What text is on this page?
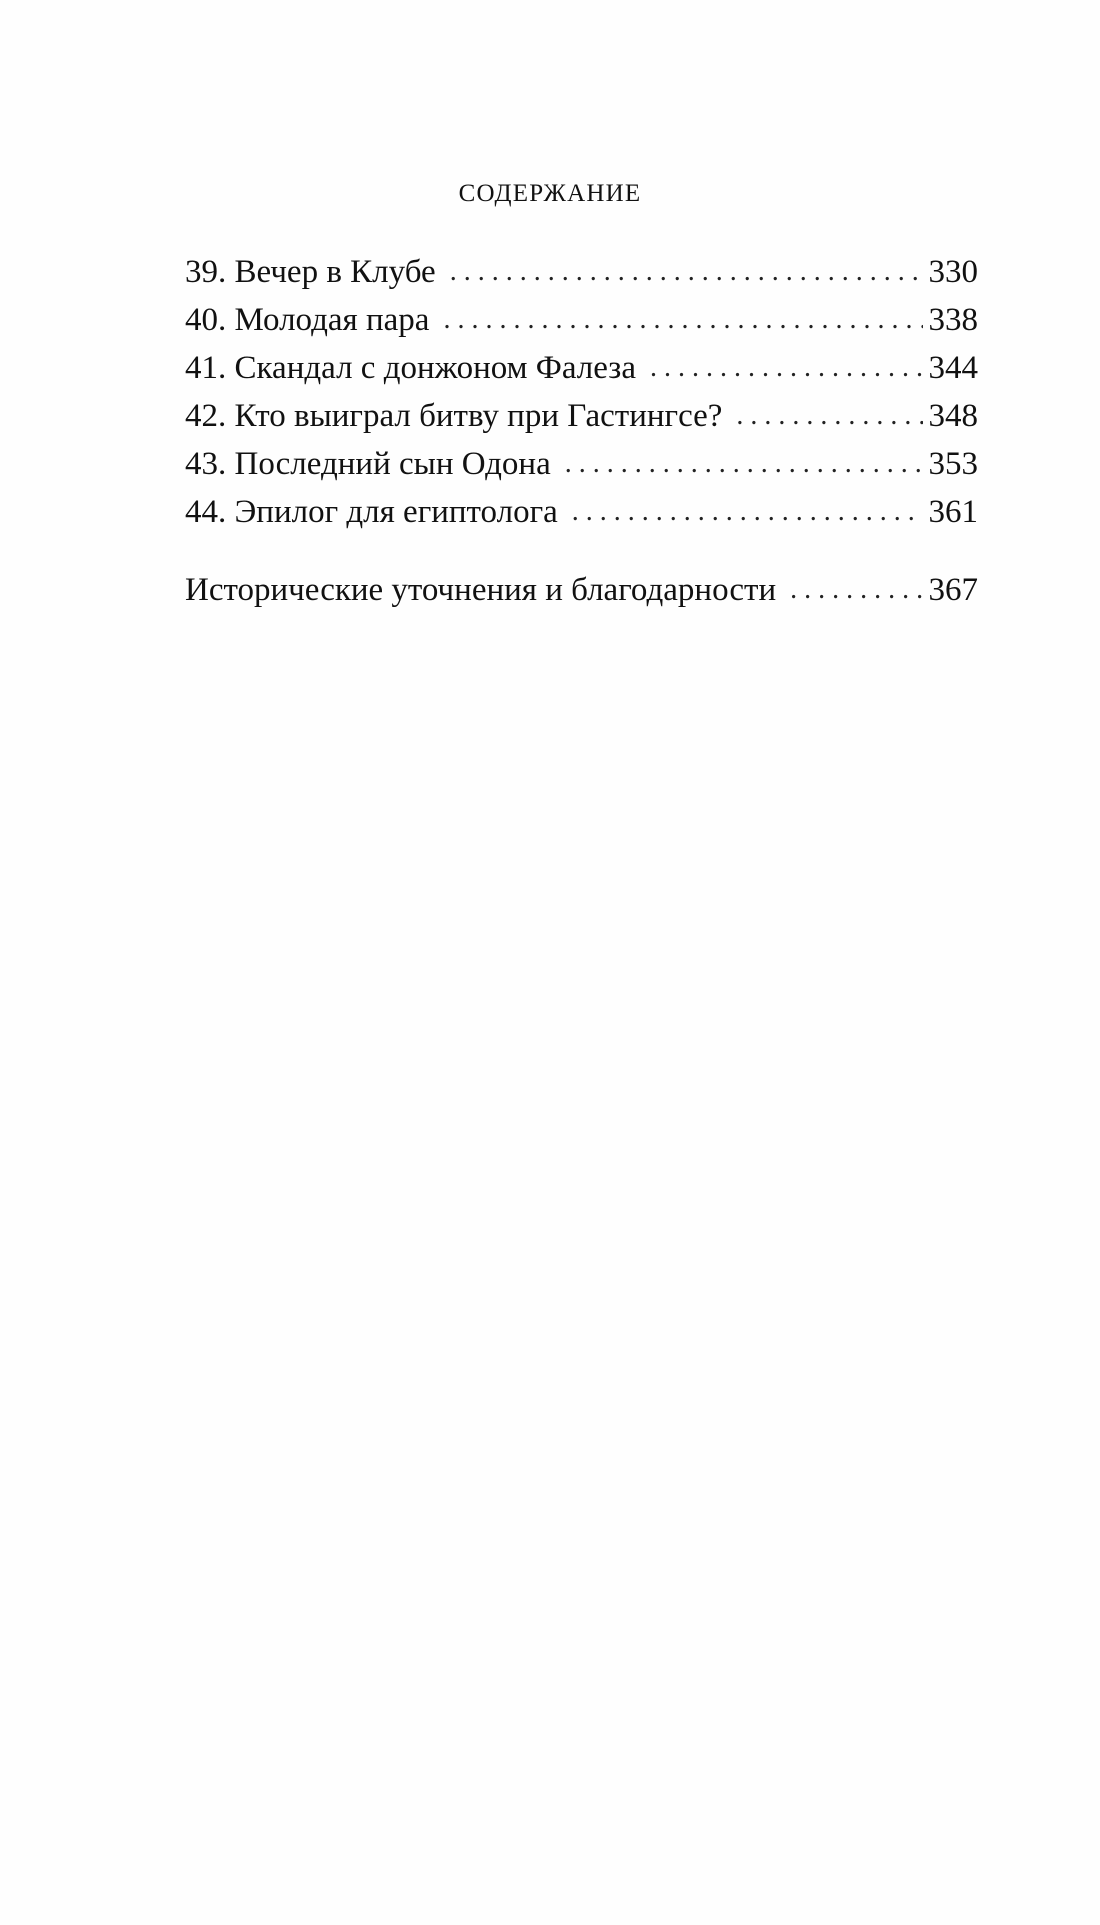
СОДЕРЖАНИЕ
39. Вечер в Клубе . . .	330
40. Молодая пара . . .	338
41. Скандал с донжоном Фалеза . . .	344
42. Кто выиграл битву при Гастингсе? . . .	348
43. Последний сын Одона . . .	353
44. Эпилог для египтолога . . .	361
Исторические уточнения и благодарности . . .	367
